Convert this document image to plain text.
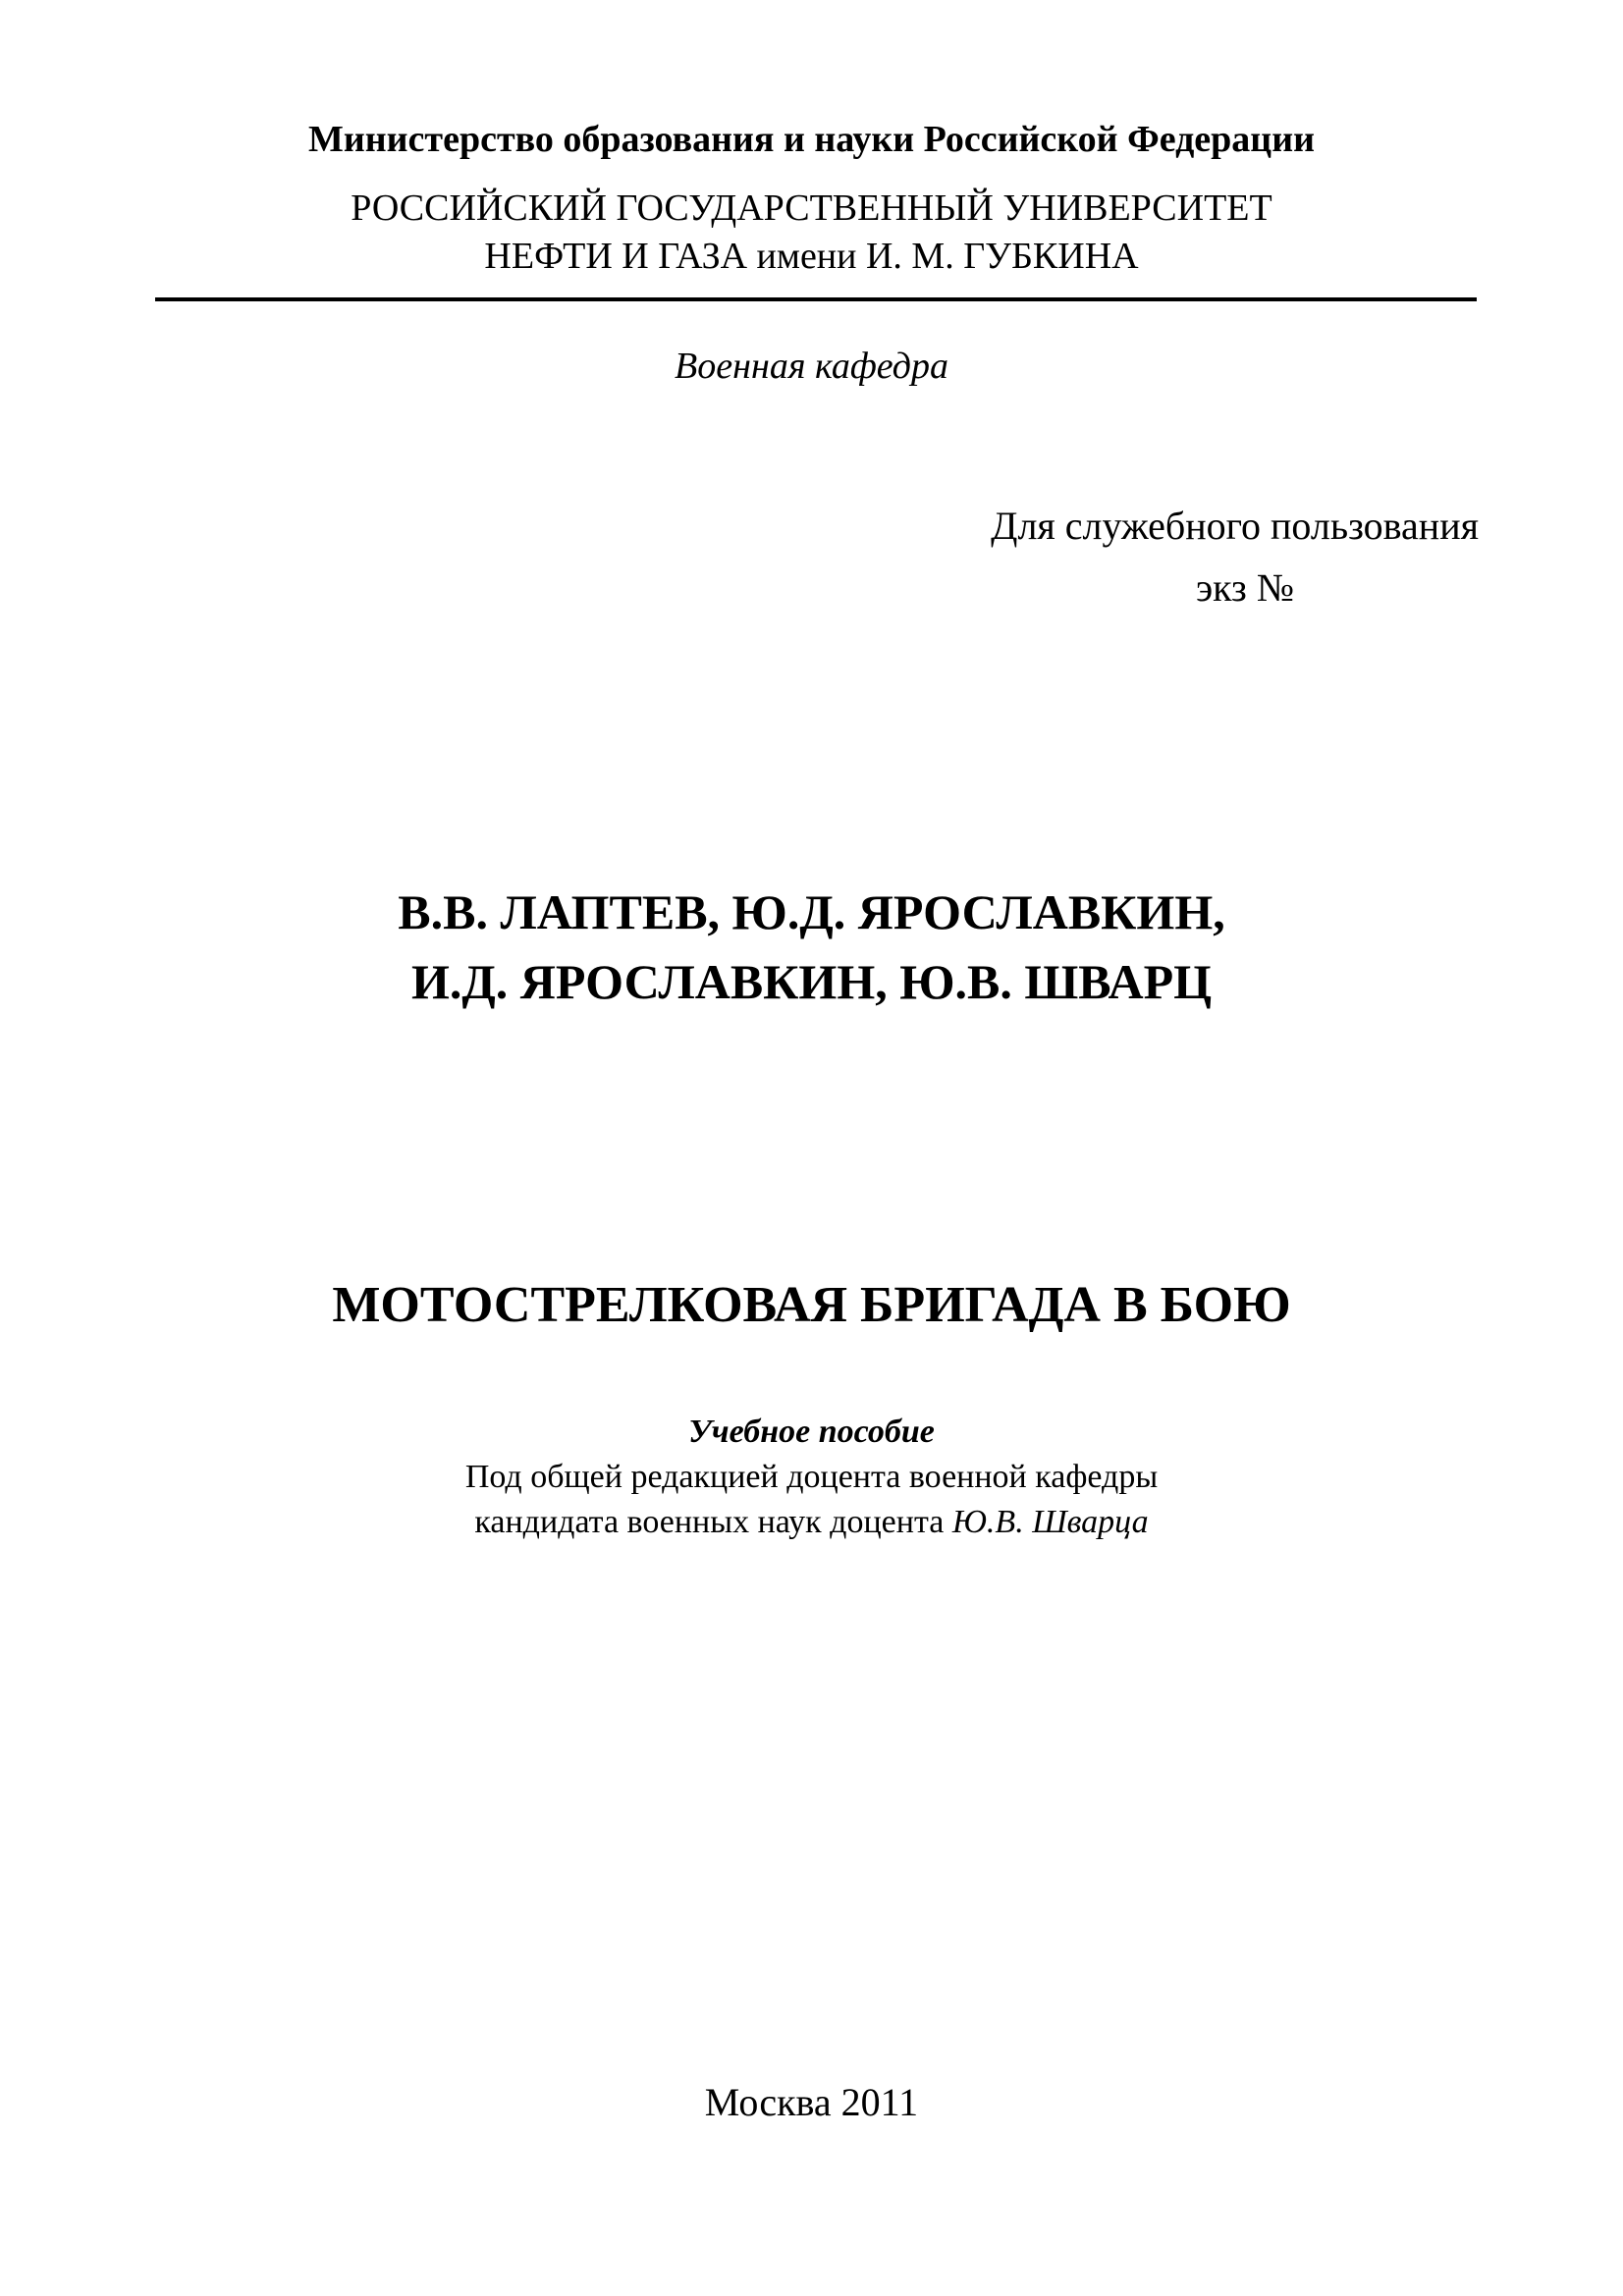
Министерство образования и науки Российской Федерации
РОССИЙСКИЙ ГОСУДАРСТВЕННЫЙ УНИВЕРСИТЕТ
НЕФТИ И ГАЗА имени И. М. ГУБКИНА
Военная кафедра
Для служебного пользования
экз №
В.В. ЛАПТЕВ, Ю.Д. ЯРОСЛАВКИН,
И.Д. ЯРОСЛАВКИН, Ю.В. ШВАРЦ
МОТОСТРЕЛКОВАЯ БРИГАДА В БОЮ
Учебное пособие
Под общей редакцией доцента военной кафедры
кандидата военных наук доцента Ю.В. Шварца
Москва 2011
